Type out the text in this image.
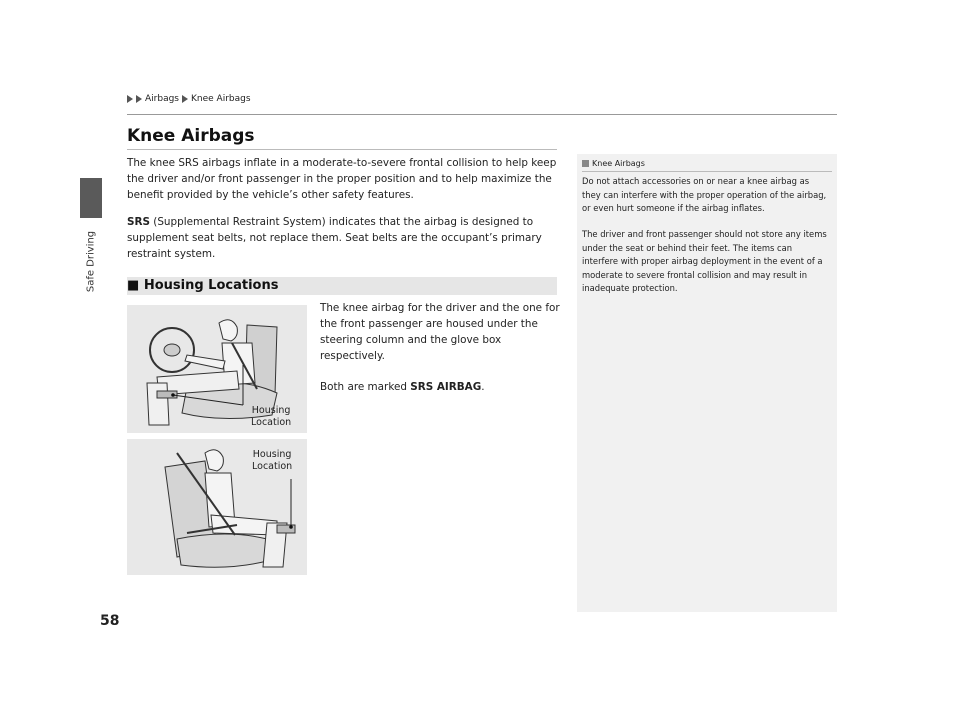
Safe Driving
Airbags Knee Airbags
Knee Airbags

The knee SRS airbags inflate in a moderate-to-severe frontal collision to help keep the driver and/or front passenger in the proper position and to help maximize the benefit provided by the vehicle’s other safety features.

SRS (Supplemental Restraint System) indicates that the airbag is designed to supplement seat belts, not replace them. Seat belts are the occupant’s primary restraint system.

■ Housing Locations

The knee airbag for the driver and the one for the front passenger are housed under the steering column and the glove box respectively.

Both are marked SRS AIRBAG.

Housing
Location
Housing
Location
Knee Airbags

Do not attach accessories on or near a knee airbag as they can interfere with the proper operation of the airbag, or even hurt someone if the airbag inflates.

The driver and front passenger should not store any items under the seat or behind their feet. The items can interfere with proper airbag deployment in the event of a moderate to severe frontal collision and may result in inadequate protection.

58
